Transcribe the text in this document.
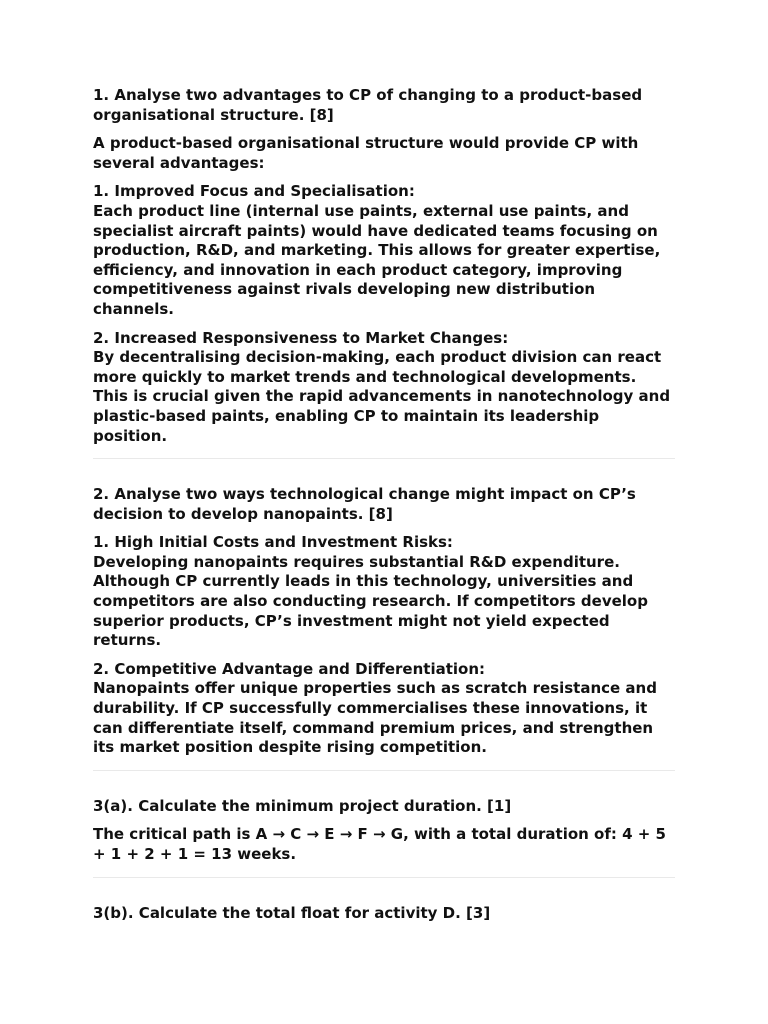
1. Analyse two advantages to CP of changing to a product-based organisational structure. [8]

A product-based organisational structure would provide CP with several advantages:

1. Improved Focus and Specialisation:
Each product line (internal use paints, external use paints, and specialist aircraft paints) would have dedicated teams focusing on production, R&D, and marketing. This allows for greater expertise, efficiency, and innovation in each product category, improving competitiveness against rivals developing new distribution channels.

2. Increased Responsiveness to Market Changes:
By decentralising decision-making, each product division can react more quickly to market trends and technological developments. This is crucial given the rapid advancements in nanotechnology and plastic-based paints, enabling CP to maintain its leadership position.

2. Analyse two ways technological change might impact on CP’s decision to develop nanopaints. [8]

1. High Initial Costs and Investment Risks:
Developing nanopaints requires substantial R&D expenditure. Although CP currently leads in this technology, universities and competitors are also conducting research. If competitors develop superior products, CP’s investment might not yield expected returns.

2. Competitive Advantage and Differentiation:
Nanopaints offer unique properties such as scratch resistance and durability. If CP successfully commercialises these innovations, it can differentiate itself, command premium prices, and strengthen its market position despite rising competition.

3(a). Calculate the minimum project duration. [1]

The critical path is A → C → E → F → G, with a total duration of: 4 + 5 + 1 + 2 + 1 = 13 weeks.

3(b). Calculate the total float for activity D. [3]
